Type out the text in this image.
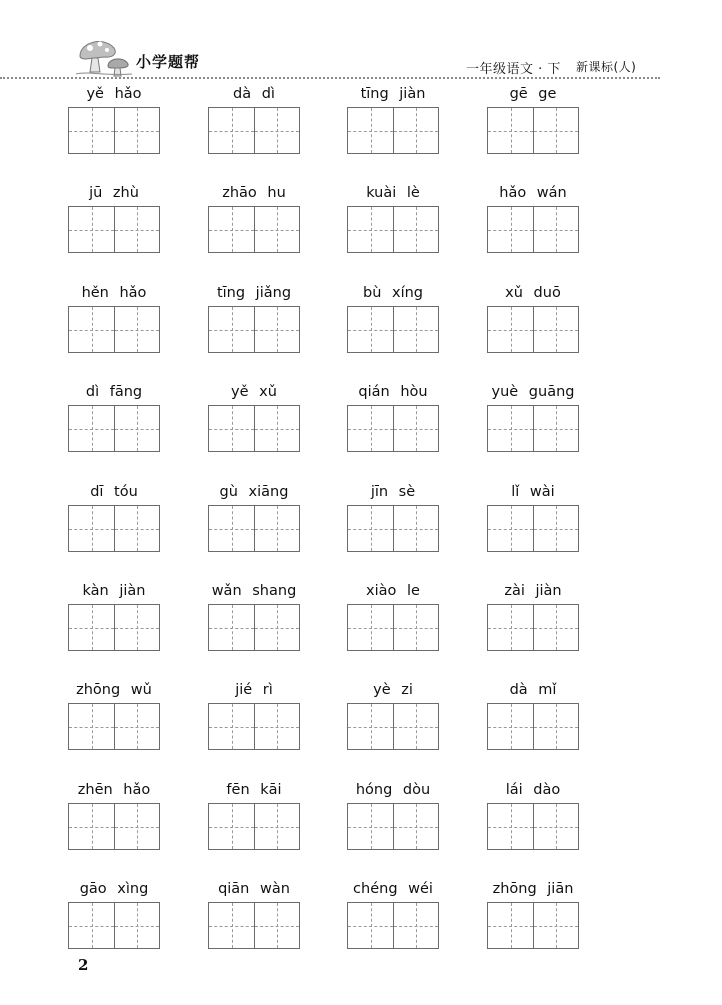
小学题帮	一年级语文 · 下 新课标(人)
yě hǎo	dà dì	tīng jiàn	gē ge
jū zhù	zhāo hu	kuài lè	hǎo wán
hěn hǎo	tīng jiǎng	bù xíng	xǔ duō
dì fāng	yě xǔ	qián hòu	yuè guāng
dī tóu	gù xiāng	jīn sè	lǐ wài
kàn jiàn	wǎn shang	xiào le	zài jiàn
zhōng wǔ	jié rì	yè zi	dà mǐ
zhēn hǎo	fēn kāi	hóng dòu	lái dào
gāo xìng	qiān wàn	chéng wéi	zhōng jiān
2
